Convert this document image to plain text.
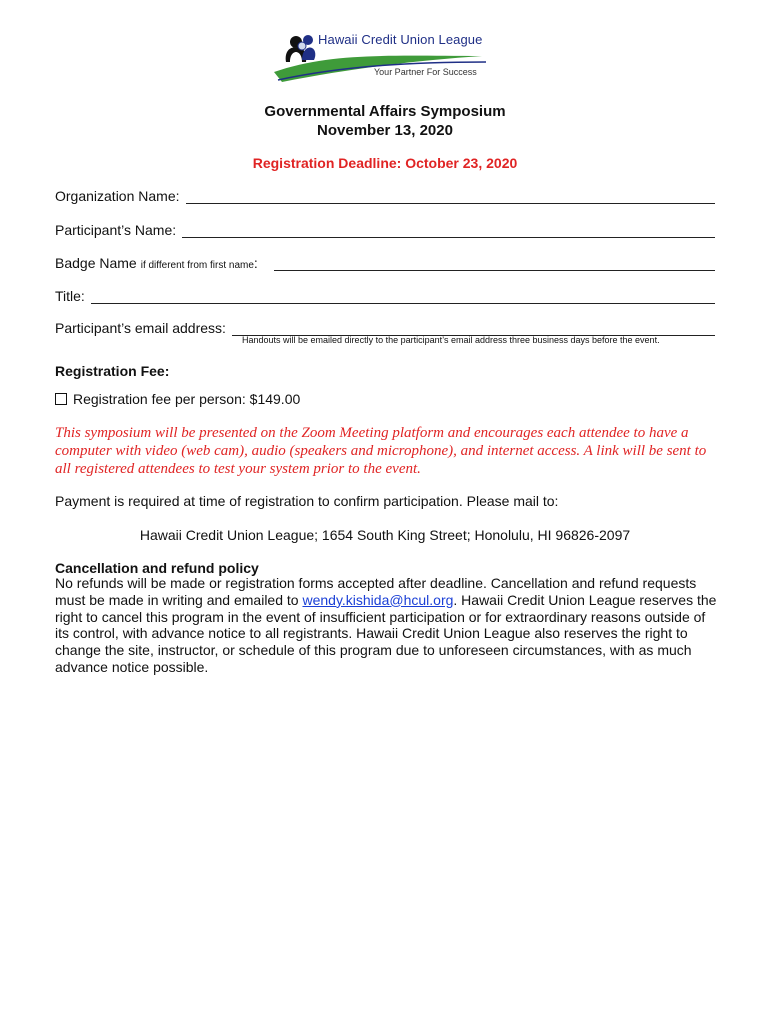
Hawaii Credit Union League
Your Partner For Success
Governmental Affairs Symposium
November 13, 2020
Registration Deadline: October 23, 2020
Organization Name:
Participant’s Name:
Badge Name if different from first name :
Title:
Participant’s email address:
Handouts will be emailed directly to the participant’s email address three business days before the event.
Registration Fee:
Registration fee per person: $149.00
This symposium will be presented on the Zoom Meeting platform and encourages each attendee to have a computer with video (web cam), audio (speakers and microphone), and internet access. A link will be sent to all registered attendees to test your system prior to the event.
Payment is required at time of registration to confirm participation. Please mail to:
Hawaii Credit Union League; 1654 South King Street; Honolulu, HI 96826-2097
Cancellation and refund policy
No refunds will be made or registration forms accepted after deadline. Cancellation and refund requests must be made in writing and emailed to wendy.kishida@hcul.org. Hawaii Credit Union League reserves the right to cancel this program in the event of insufficient participation or for extraordinary reasons outside of its control, with advance notice to all registrants. Hawaii Credit Union League also reserves the right to change the site, instructor, or schedule of this program due to unforeseen circumstances, with as much advance notice possible.
